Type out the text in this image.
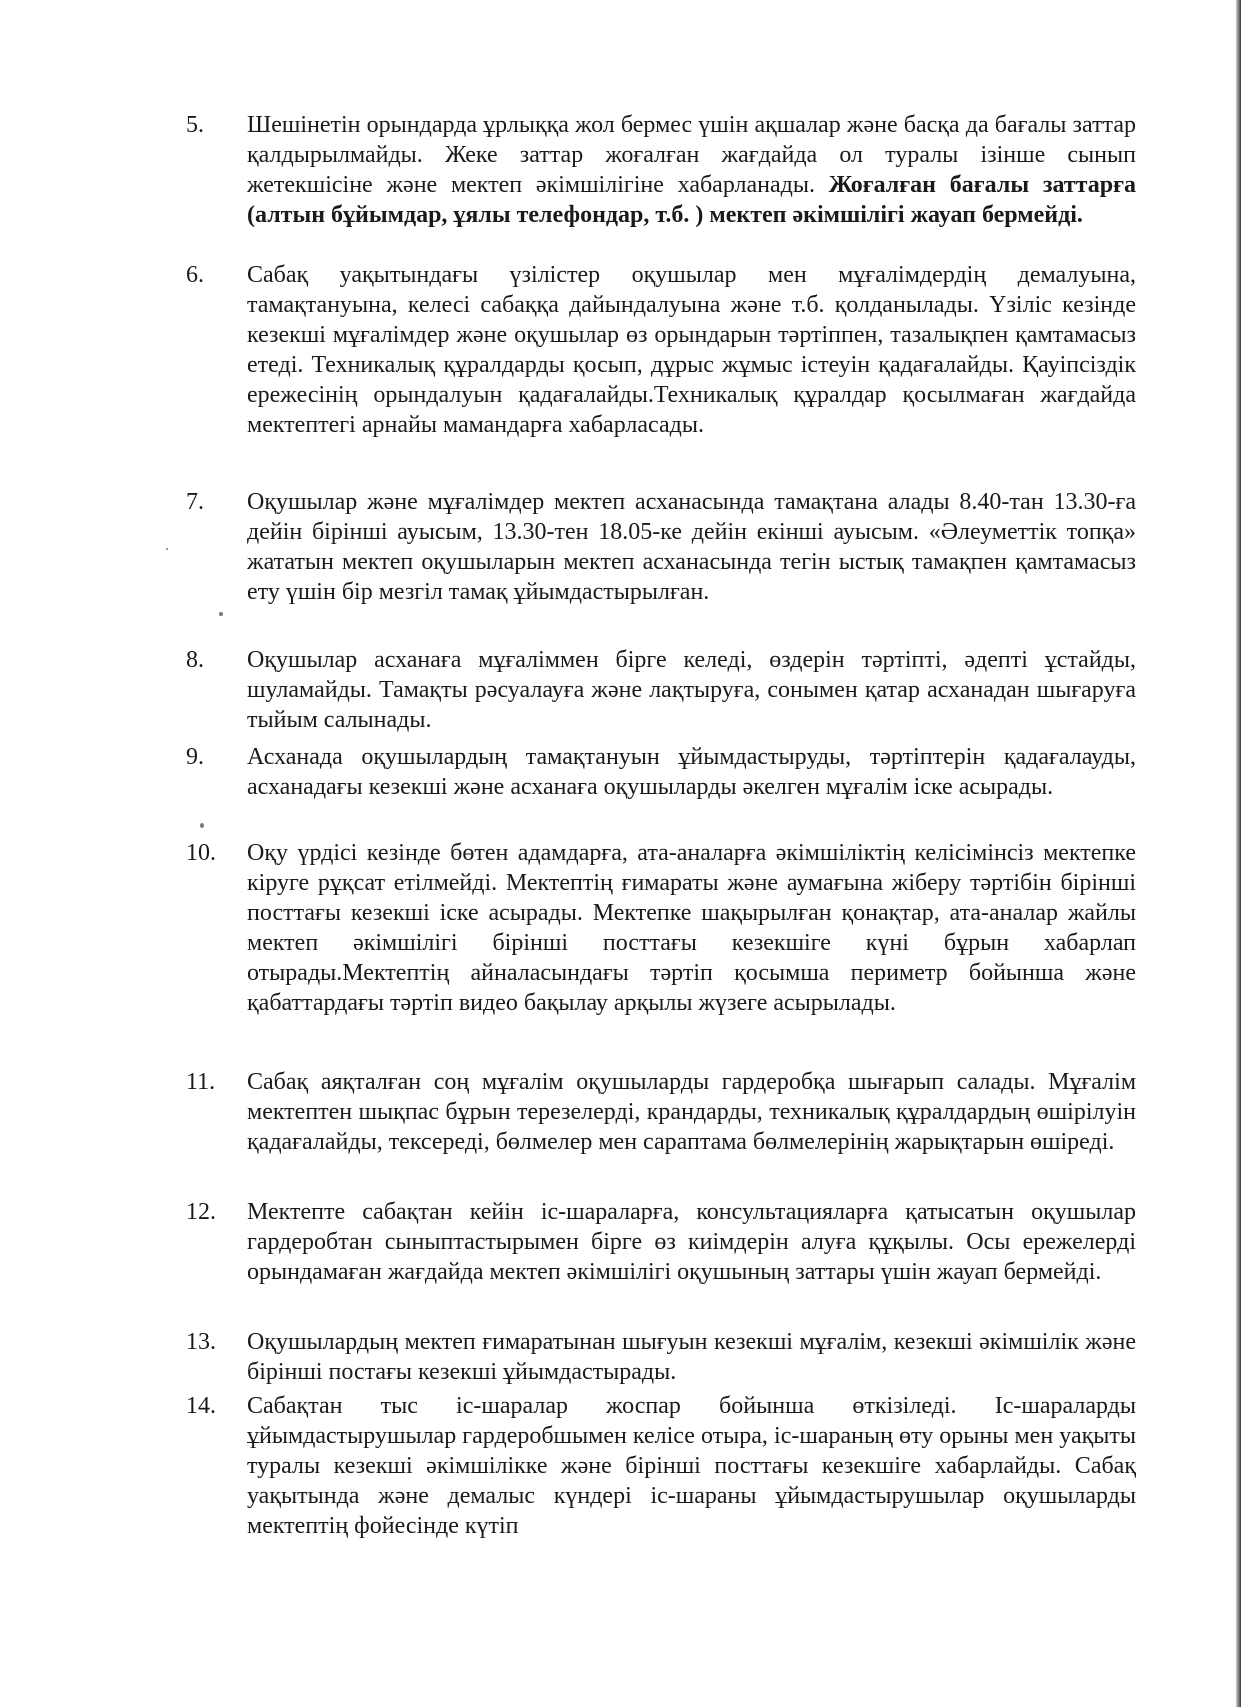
5.	Шешінетін орындарда ұрлыққа жол бермес үшін ақшалар және басқа да бағалы заттар қалдырылмайды. Жеке заттар жоғалған жағдайда ол туралы ізінше сынып жетекшісіне және мектеп әкімшілігіне хабарланады. Жоғалған бағалы заттарға (алтын бұйымдар, ұялы телефондар, т.б. ) мектеп әкімшілігі жауап бермейді.
6.	Сабақ уақытындағы үзілістер оқушылар мен мұғалімдердің демалуына, тамақтануына, келесі сабаққа дайындалуына және т.б. қолданылады. Үзіліс кезінде кезекші мұғалімдер және оқушылар өз орындарын тәртіппен, тазалықпен қамтамасыз етеді. Техникалық құралдарды қосып, дұрыс жұмыс істеуін қадағалайды. Қауіпсіздік ережесінің орындалуын қадағалайды.Техникалық құралдар қосылмаған жағдайда мектептегі арнайы мамандарға хабарласады.
7.	Оқушылар және мұғалімдер мектеп асханасында тамақтана алады 8.40-тан 13.30-ға дейін бірінші ауысым, 13.30-тен 18.05-ке дейін екінші ауысым. «Әлеуметтік топқа» жататын мектеп оқушыларын мектеп асханасында тегін ыстық тамақпен қамтамасыз ету үшін бір мезгіл тамақ ұйымдастырылған.
8.	Оқушылар асханаға мұғаліммен бірге келеді, өздерін тәртіпті, әдепті ұстайды, шуламайды. Тамақты рәсуалауға және лақтыруға, сонымен қатар асханадан шығаруға тыйым салынады.
9.	Асханада оқушылардың тамақтануын ұйымдастыруды, тәртіптерін қадағалауды, асханадағы кезекші және асханаға оқушыларды әкелген мұғалім іске асырады.
10.	Оқу үрдісі кезінде бөтен адамдарға, ата-аналарға әкімшіліктің келісімінсіз мектепке кіруге рұқсат етілмейді. Мектептің ғимараты және аумағына жіберу тәртібін бірінші посттағы кезекші іске асырады. Мектепке шақырылған қонақтар, ата-аналар жайлы мектеп әкімшілігі бірінші посттағы кезекшіге күні бұрын хабарлап отырады.Мектептің айналасындағы тәртіп қосымша периметр бойынша және қабаттардағы тәртіп видео бақылау арқылы жүзеге асырылады.
11.	Сабақ аяқталған соң мұғалім оқушыларды гардеробқа шығарып салады. Мұғалім мектептен шықпас бұрын терезелерді, крандарды, техникалық құралдардың өшірілуін қадағалайды, тексереді, бөлмелер мен сараптама бөлмелерінің жарықтарын өшіреді.
12.	Мектепте сабақтан кейін іс-шараларға, консультацияларға қатысатын оқушылар гардеробтан сыныптастырымен бірге өз киімдерін алуға құқылы. Осы ережелерді орындамаған жағдайда мектеп әкімшілігі оқушының заттары үшін жауап бермейді.
13.	Оқушылардың мектеп ғимаратынан шығуын кезекші мұғалім, кезекші әкімшілік және бірінші постағы кезекші ұйымдастырады.
14.	Сабақтан тыс іс-шаралар жоспар бойынша өткізіледі. Іс-шараларды ұйымдастырушылар гардеробшымен келісе отыра, іс-шараның өту орыны мен уақыты туралы кезекші әкімшілікке және бірінші посттағы кезекшіге хабарлайды. Сабақ уақытында және демалыс күндері іс-шараны ұйымдастырушылар оқушыларды мектептің фойесінде күтіп
